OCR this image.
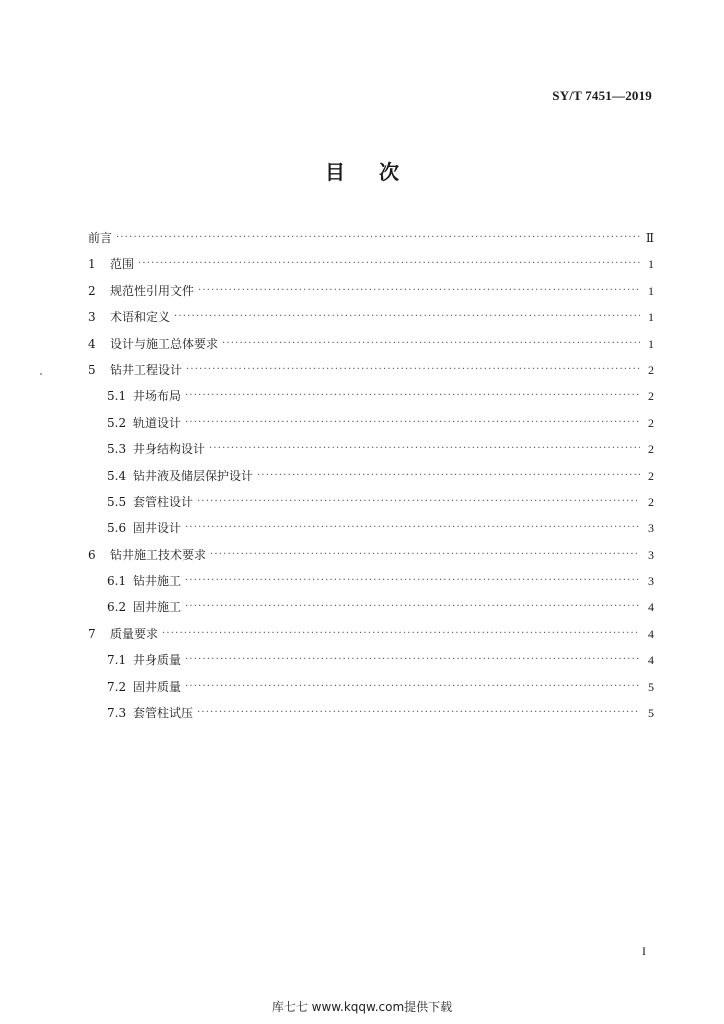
SY/T 7451—2019
目 次
前言 ·····	Ⅱ
1	范围 ·····	1
2	规范性引用文件 ·····	1
3	术语和定义 ·····	1
4	设计与施工总体要求 ·····	1
5	钻井工程设计 ·····	2
5.1 井场布局 ·····	2
5.2 轨道设计 ·····	2
5.3 井身结构设计 ·····	2
5.4 钻井液及储层保护设计 ·····	2
5.5 套管柱设计 ·····	2
5.6 固井设计 ·····	3
6	钻井施工技术要求 ·····	3
6.1 钻井施工 ·····	3
6.2 固井施工 ·····	4
7	质量要求 ·····	4
7.1 井身质量 ·····	4
7.2 固井质量 ·····	5
7.3 套管柱试压 ·····	5
I
库七七 www.kqqw.com提供下载
